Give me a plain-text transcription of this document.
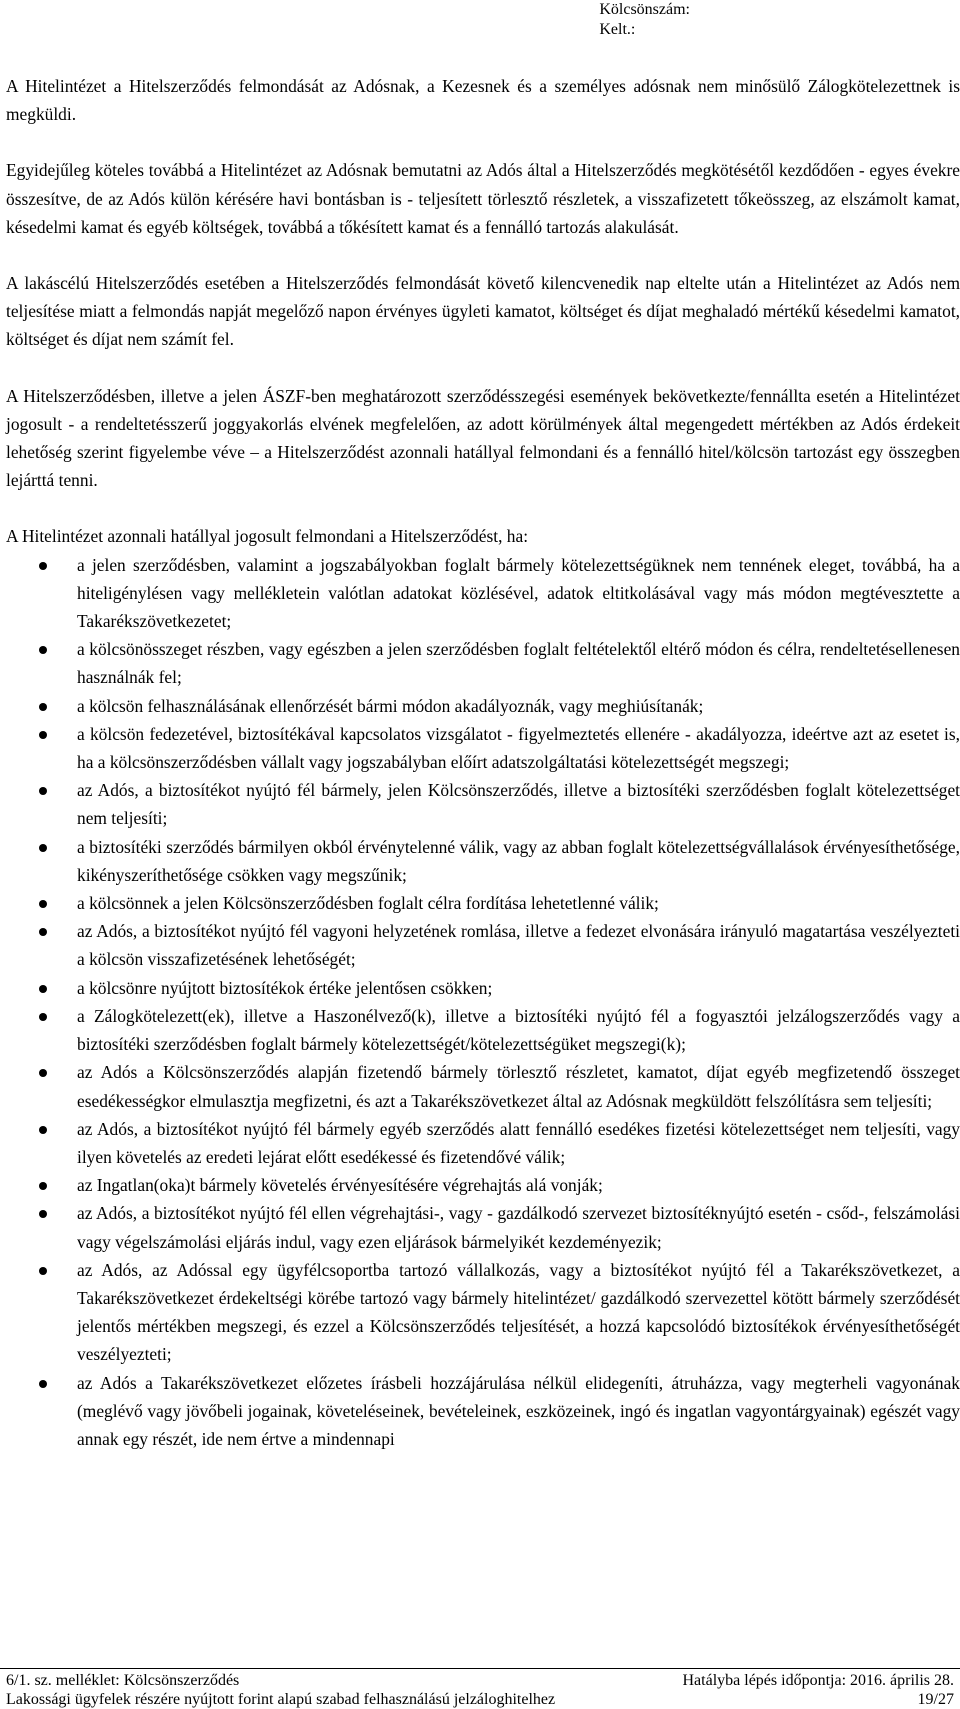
Kölcsönszám:
Kelt.:

A Hitelintézet a Hitelszerződés felmondását az Adósnak, a Kezesnek és a személyes adósnak nem minősülő Zálogkötelezettnek is megküldi.

Egyidejűleg köteles továbbá a Hitelintézet az Adósnak bemutatni az Adós által a Hitelszerződés megkötésétől kezdődően - egyes évekre összesítve, de az Adós külön kérésére havi bontásban is - teljesített törlesztő részletek, a visszafizetett tőkeösszeg, az elszámolt kamat, késedelmi kamat és egyéb költségek, továbbá a tőkésített kamat és a fennálló tartozás alakulását.

A lakáscélú Hitelszerződés esetében a Hitelszerződés felmondását követő kilencvenedik nap eltelte után a Hitelintézet az Adós nem teljesítése miatt a felmondás napját megelőző napon érvényes ügyleti kamatot, költséget és díjat meghaladó mértékű késedelmi kamatot, költséget és díjat nem számít fel.

A Hitelszerződésben, illetve a jelen ÁSZF-ben meghatározott szerződésszegési események bekövetkezte/fennállta esetén a Hitelintézet jogosult - a rendeltetésszerű joggyakorlás elvének megfelelően, az adott körülmények által megengedett mértékben az Adós érdekeit lehetőség szerint figyelembe véve – a Hitelszerződést azonnali hatállyal felmondani és a fennálló hitel/kölcsön tartozást egy összegben lejárttá tenni.

A Hitelintézet azonnali hatállyal jogosult felmondani a Hitelszerződést, ha:

a jelen szerződésben, valamint a jogszabályokban foglalt bármely kötelezettségüknek nem tennének eleget, továbbá, ha a hiteligénylésen vagy mellékletein valótlan adatokat közlésével, adatok eltitkolásával vagy más módon megtévesztette a Takarékszövetkezetet;
a kölcsönösszeget részben, vagy egészben a jelen szerződésben foglalt feltételektől eltérő módon és célra, rendeltetésellenesen használnák fel;
a kölcsön felhasználásának ellenőrzését bármi módon akadályoznák, vagy meghiúsítanák;
a kölcsön fedezetével, biztosítékával kapcsolatos vizsgálatot - figyelmeztetés ellenére - akadályozza, ideértve azt az esetet is, ha a kölcsönszerződésben vállalt vagy jogszabályban előírt adatszolgáltatási kötelezettségét megszegi;
az Adós, a biztosítékot nyújtó fél bármely, jelen Kölcsönszerződés, illetve a biztosítéki szerződésben foglalt kötelezettséget nem teljesíti;
a biztosítéki szerződés bármilyen okból érvénytelenné válik, vagy az abban foglalt kötelezettségvállalások érvényesíthetősége, kikényszeríthetősége csökken vagy megszűnik;
a kölcsönnek a jelen Kölcsönszerződésben foglalt célra fordítása lehetetlenné válik;
az Adós, a biztosítékot nyújtó fél vagyoni helyzetének romlása, illetve a fedezet elvonására irányuló magatartása veszélyezteti a kölcsön visszafizetésének lehetőségét;
a kölcsönre nyújtott biztosítékok értéke jelentősen csökken;
a Zálogkötelezett(ek), illetve a Haszonélvező(k), illetve a biztosítéki nyújtó fél a fogyasztói jelzálogszerződés vagy a biztosítéki szerződésben foglalt bármely kötelezettségét/kötelezettségüket megszegi(k);
az Adós a Kölcsönszerződés alapján fizetendő bármely törlesztő részletet, kamatot, díjat egyéb megfizetendő összeget esedékességkor elmulasztja megfizetni, és azt a Takarékszövetkezet által az Adósnak megküldött felszólításra sem teljesíti;
az Adós, a biztosítékot nyújtó fél bármely egyéb szerződés alatt fennálló esedékes fizetési kötelezettséget nem teljesíti, vagy ilyen követelés az eredeti lejárat előtt esedékessé és fizetendővé válik;
az Ingatlan(oka)t bármely követelés érvényesítésére végrehajtás alá vonják;
az Adós, a biztosítékot nyújtó fél ellen végrehajtási-, vagy - gazdálkodó szervezet biztosítéknyújtó esetén - csőd-, felszámolási vagy végelszámolási eljárás indul, vagy ezen eljárások bármelyikét kezdeményezik;
az Adós, az Adóssal egy ügyfélcsoportba tartozó vállalkozás, vagy a biztosítékot nyújtó fél a Takarékszövetkezet, a Takarékszövetkezet érdekeltségi körébe tartozó vagy bármely hitelintézet/ gazdálkodó szervezettel kötött bármely szerződését jelentős mértékben megszegi, és ezzel a Kölcsönszerződés teljesítését, a hozzá kapcsolódó biztosítékok érvényesíthetőségét veszélyezteti;
az Adós a Takarékszövetkezet előzetes írásbeli hozzájárulása nélkül elidegeníti, átruházza, vagy megterheli vagyonának (meglévő vagy jövőbeli jogainak, követeléseinek, bevételeinek, eszközeinek, ingó és ingatlan vagyontárgyainak) egészét vagy annak egy részét, ide nem értve a mindennapi
6/1. sz. melléklet: Kölcsönszerződés	Hatályba lépés időpontja: 2016. április 28.
Lakossági ügyfelek részére nyújtott forint alapú szabad felhasználású jelzáloghitelhez	19/27
